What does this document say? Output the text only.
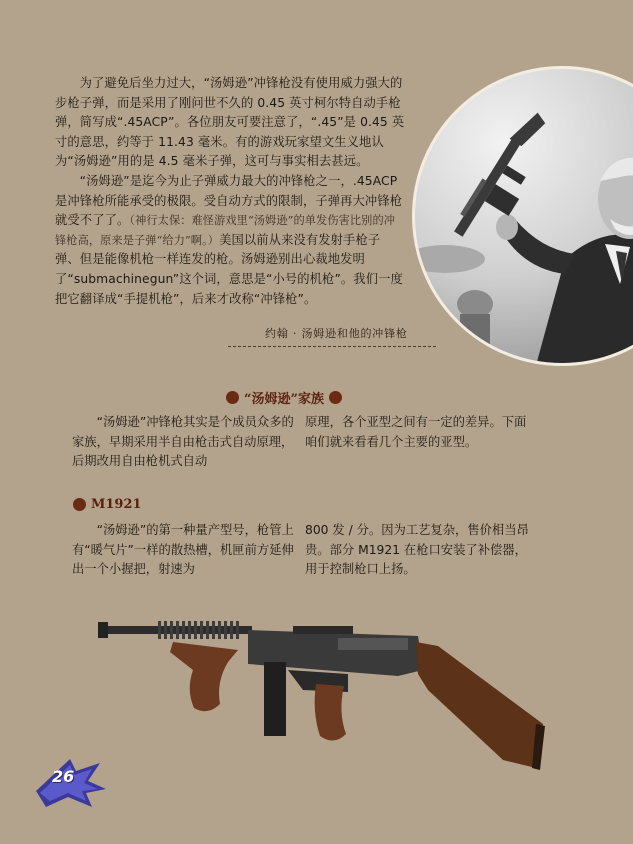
为了避免后坐力过大，“汤姆逊”冲锋枪没有使用威力强大的步枪子弹，而是采用了刚问世不久的 0.45 英寸柯尔特自动手枪弹，简写成“.45ACP”。各位朋友可要注意了，“.45”是 0.45 英寸的意思，约等于 11.43 毫米。有的游戏玩家望文生义地认为“汤姆逊”用的是 4.5 毫米子弹，这可与事实相去甚远。

“汤姆逊”是迄今为止子弹威力最大的冲锋枪之一，.45ACP 是冲锋枪所能承受的极限。受自动方式的限制，子弹再大冲锋枪就受不了了。（神行太保：难怪游戏里“汤姆逊”的单发伤害比别的冲锋枪高，原来是子弹“给力”啊。）美国以前从来没有发射手枪子弹、但是能像机枪一样连发的枪。汤姆逊别出心裁地发明了“submachinegun”这个词，意思是“小号的机枪”。我们一度把它翻译成“手提机枪”，后来才改称“冲锋枪”。

约翰 · 汤姆逊和他的冲锋枪
“汤姆逊”家族

“汤姆逊”冲锋枪其实是个成员众多的家族，早期采用半自由枪击式自动原理，后期改用自由枪机式自动

原理，各个亚型之间有一定的差异。下面咱们就来看看几个主要的亚型。

M1921

“汤姆逊”的第一种量产型号，枪管上有“暖气片”一样的散热槽，机匣前方延伸出一个小握把，射速为

800 发 / 分。因为工艺复杂，售价相当昂贵。部分 M1921 在枪口安装了补偿器，用于控制枪口上扬。

26
